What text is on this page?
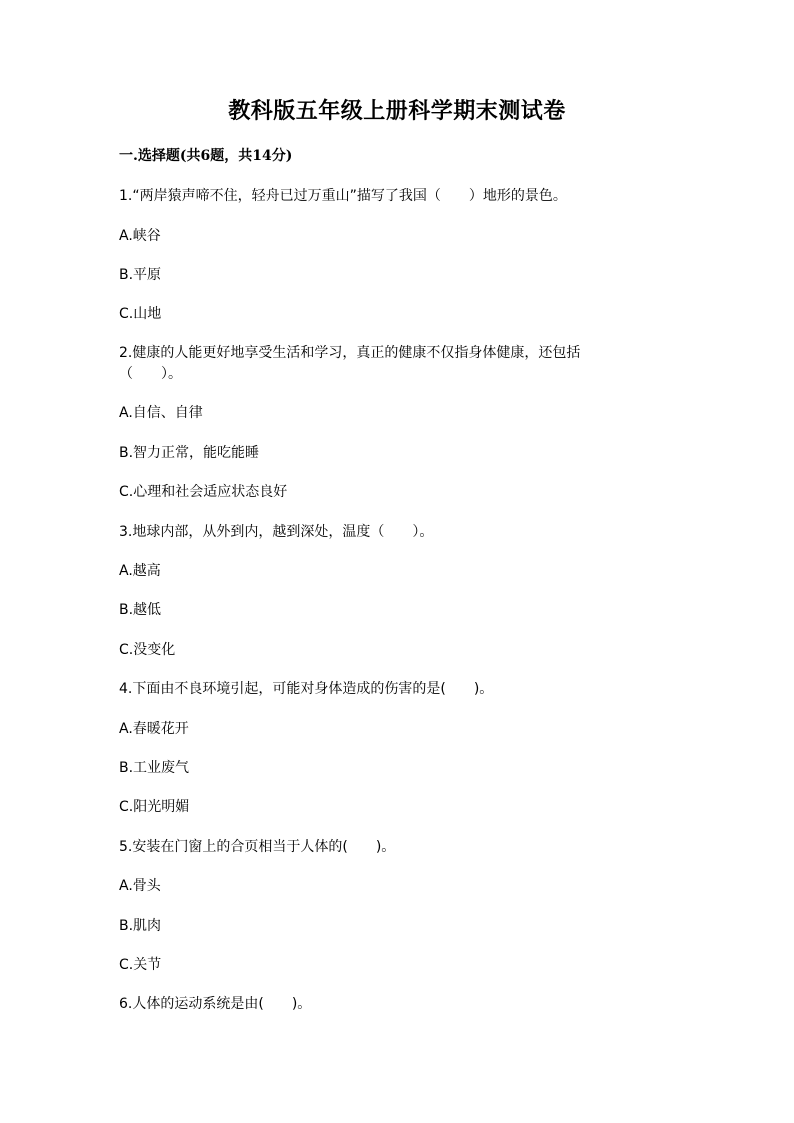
教科版五年级上册科学期末测试卷
一.选择题(共6题，共14分)
1.“两岸猿声啼不住，轻舟已过万重山”描写了我国（　　）地形的景色。
A.峡谷
B.平原
C.山地
2.健康的人能更好地享受生活和学习，真正的健康不仅指身体健康，还包括
（　　）。
A.自信、自律
B.智力正常，能吃能睡
C.心理和社会适应状态良好
3.地球内部，从外到内，越到深处，温度（　　）。
A.越高
B.越低
C.没变化
4.下面由不良环境引起，可能对身体造成的伤害的是(　　)。
A.春暖花开
B.工业废气
C.阳光明媚
5.安装在门窗上的合页相当于人体的(　　)。
A.骨头
B.肌肉
C.关节
6.人体的运动系统是由(　　)。
